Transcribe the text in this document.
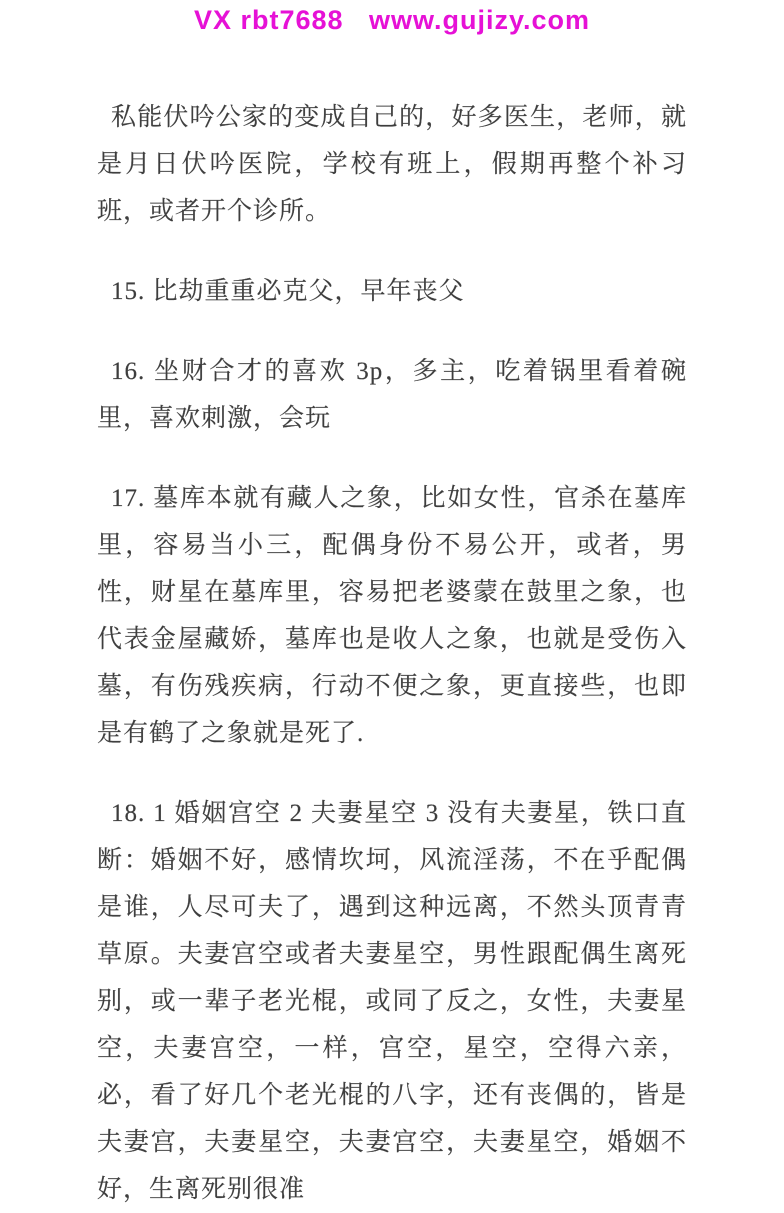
VX rbt7688   www.gujizy.com

私能伏吟公家的变成自己的，好多医生，老师，就是月日伏吟医院，学校有班上，假期再整个补习班，或者开个诊所。

15. 比劫重重必克父，早年丧父

16. 坐财合才的喜欢 3p，多主，吃着锅里看着碗里，喜欢刺激，会玩

17. 墓库本就有藏人之象，比如女性，官杀在墓库里，容易当小三，配偶身份不易公开，或者，男性，财星在墓库里，容易把老婆蒙在鼓里之象，也代表金屋藏娇，墓库也是收人之象，也就是受伤入墓，有伤残疾病，行动不便之象，更直接些，也即是有鹤了之象就是死了.

18. 1 婚姻宫空 2 夫妻星空 3 没有夫妻星，铁口直断：婚姻不好，感情坎坷，风流淫荡，不在乎配偶是谁，人尽可夫了，遇到这种远离，不然头顶青青草原。夫妻宫空或者夫妻星空，男性跟配偶生离死别，或一辈子老光棍，或同了反之，女性，夫妻星空，夫妻宫空，一样，宫空，星空，空得六亲，必，看了好几个老光棍的八字，还有丧偶的，皆是夫妻宫，夫妻星空，夫妻宫空，夫妻星空，婚姻不好，生离死别很准
